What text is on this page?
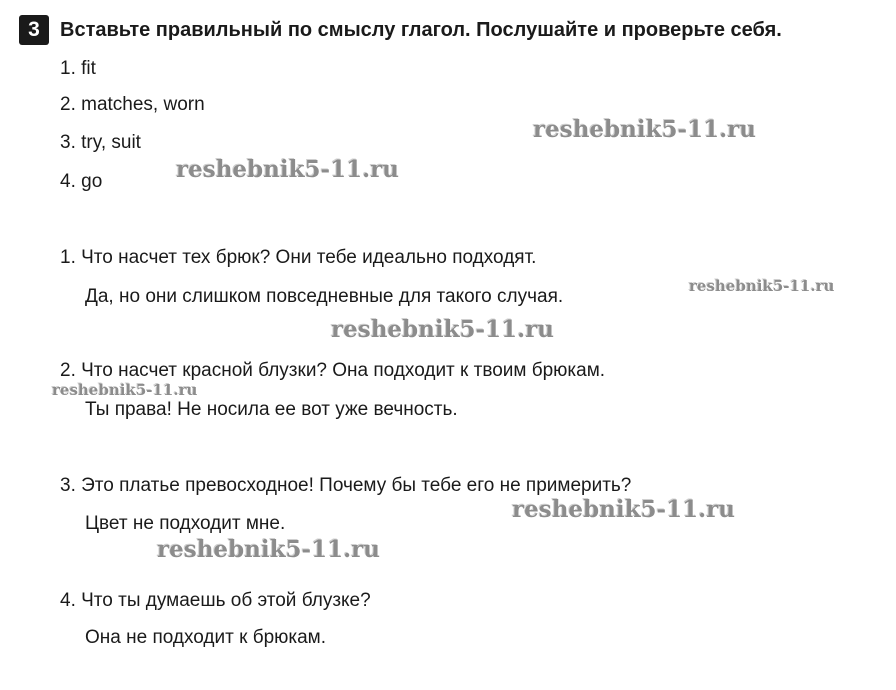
3	Вставьте правильный по смыслу глагол. Послушайте и проверьте себя.
1. fit
2. matches, worn
3. try, suit
4. go
1. Что насчет тех брюк? Они тебе идеально подходят.
Да, но они слишком повседневные для такого случая.
2. Что насчет красной блузки? Она подходит к твоим брюкам.
Ты права! Не носила ее вот уже вечность.
3. Это платье превосходное! Почему бы тебе его не примерить?
Цвет не подходит мне.
4. Что ты думаешь об этой блузке?
Она не подходит к брюкам.
reshebnik5-11.ru
reshebnik5-11.ru
reshebnik5-11.ru
reshebnik5-11.ru
reshebnik5-11.ru
reshebnik5-11.ru
reshebnik5-11.ru
